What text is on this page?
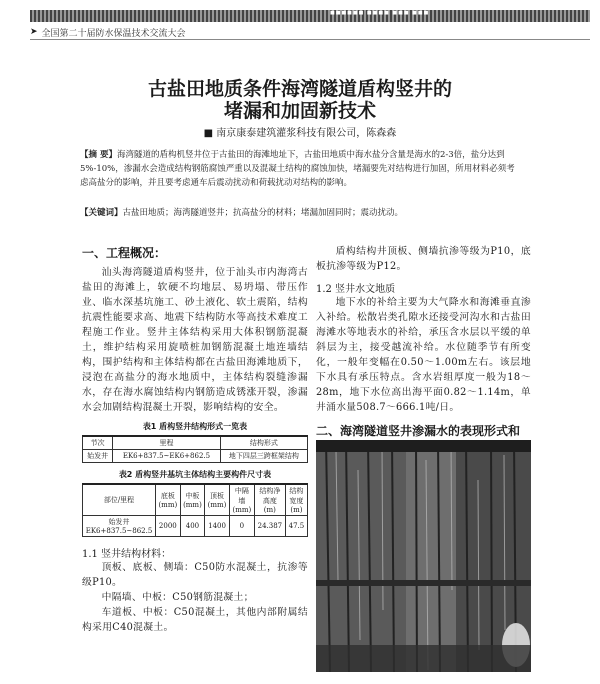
■■■■■■ ■■■■ ■■■ ■■■
➤ 全国第二十届防水保温技术交流大会
古盐田地质条件海湾隧道盾构竖井的
堵漏和加固新技术
■ 南京康泰建筑灌浆科技有限公司，陈森森
【摘 要】海湾隧道的盾构机竖井位于古盐田的海滩地址下，古盐田地质中海水盐分含量是海水的2-3倍，盐分达到5%-10%，渗漏水会造成结构钢筋腐蚀严重以及混凝土结构的腐蚀加快，堵漏要先对结构进行加固，所用材料必须考虑高盐分的影响，并且要考虑通车后震动扰动和荷载扰动对结构的影响。
【关键词】古盐田地质；海湾隧道竖井；抗高盐分的材料；堵漏加固同时；震动扰动。
一、工程概况：

汕头海湾隧道盾构竖井，位于汕头市内海湾古盐田的海滩上，软硬不均地层、易坍塌、带压作业、临水深基坑施工、砂土液化、软土震陷，结构抗震性能要求高、地震下结构防水等高技术难度工程施工作业。竖井主体结构采用大体积钢筋混凝土，维护结构采用旋喷桩加钢筋混凝土地连墙结构，围护结构和主体结构都在古盐田海滩地质下，浸泡在高盐分的海水地质中，主体结构裂缝渗漏水，存在海水腐蚀结构内钢筋造成锈涨开裂，渗漏水会加剧结构混凝土开裂，影响结构的安全。

表1 盾构竖井结构形式一览表
节次	里程	结构形式
始发井	EK6+837.5~EK6+862.5	地下四层三跨框架结构
表2 盾构竖井基坑主体结构主要构件尺寸表
部位/里程	底板(mm)	中板(mm)	顶板(mm)	中隔墙(mm)	结构净高度(m)	结构宽度(m)
始发井 EK6+837.5~862.5	2000	400	1400	0	24.387	47.5
1.1 竖井结构材料：

顶板、底板、侧墙：C50防水混凝土，抗渗等级P10。

中隔墙、中板：C50钢筋混凝土；

车道板、中板：C50混凝土，其他内部附属结构采用C40混凝土。

盾构结构井顶板、侧墙抗渗等级为P10，底板抗渗等级为P12。

1.2 竖井水文地质

地下水的补给主要为大气降水和海滩垂直渗入补给。松散岩类孔隙水还接受河沟水和古盐田海滩水等地表水的补给，承压含水层以平缓的单斜层为主，接受越流补给。水位随季节有所变化，一般年变幅在0.50～1.00m左右。该层地下水具有承压特点。含水岩组厚度一般为18～28m，地下水位高出海平面0.82～1.14m，单井涌水量508.7～666.1吨/日。

二、海湾隧道竖井渗漏水的表现形式和
